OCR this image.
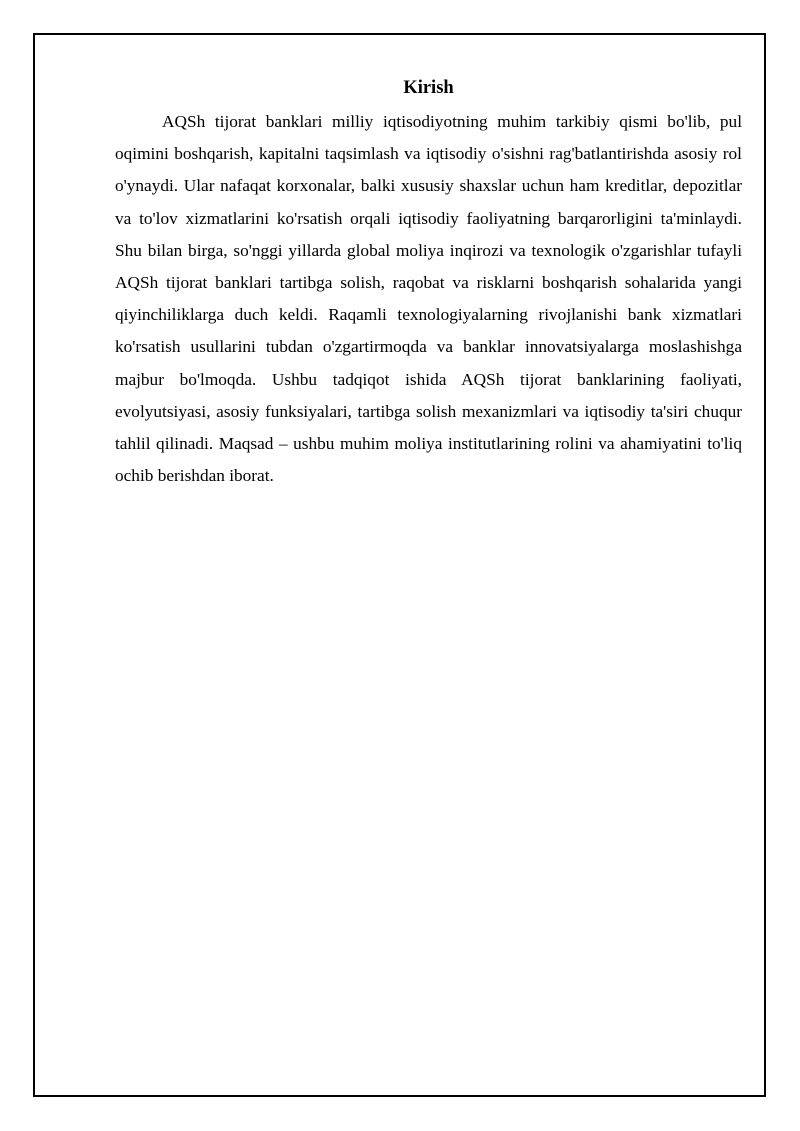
Kirish

AQSh tijorat banklari milliy iqtisodiyotning muhim tarkibiy qismi bo'lib, pul oqimini boshqarish, kapitalni taqsimlash va iqtisodiy o'sishni rag'batlantirishda asosiy rol o'ynaydi. Ular nafaqat korxonalar, balki xususiy shaxslar uchun ham kreditlar, depozitlar va to'lov xizmatlarini ko'rsatish orqali iqtisodiy faoliyatning barqarorligini ta'minlaydi. Shu bilan birga, so'nggi yillarda global moliya inqirozi va texnologik o'zgarishlar tufayli AQSh tijorat banklari tartibga solish, raqobat va risklarni boshqarish sohalarida yangi qiyinchiliklarga duch keldi. Raqamli texnologiyalarning rivojlanishi bank xizmatlari ko'rsatish usullarini tubdan o'zgartirmoqda va banklar innovatsiyalarga moslashishga majbur bo'lmoqda. Ushbu tadqiqot ishida AQSh tijorat banklarining faoliyati, evolyutsiyasi, asosiy funksiyalari, tartibga solish mexanizmlari va iqtisodiy ta'siri chuqur tahlil qilinadi. Maqsad – ushbu muhim moliya institutlarining rolini va ahamiyatini to'liq ochib berishdan iborat.
